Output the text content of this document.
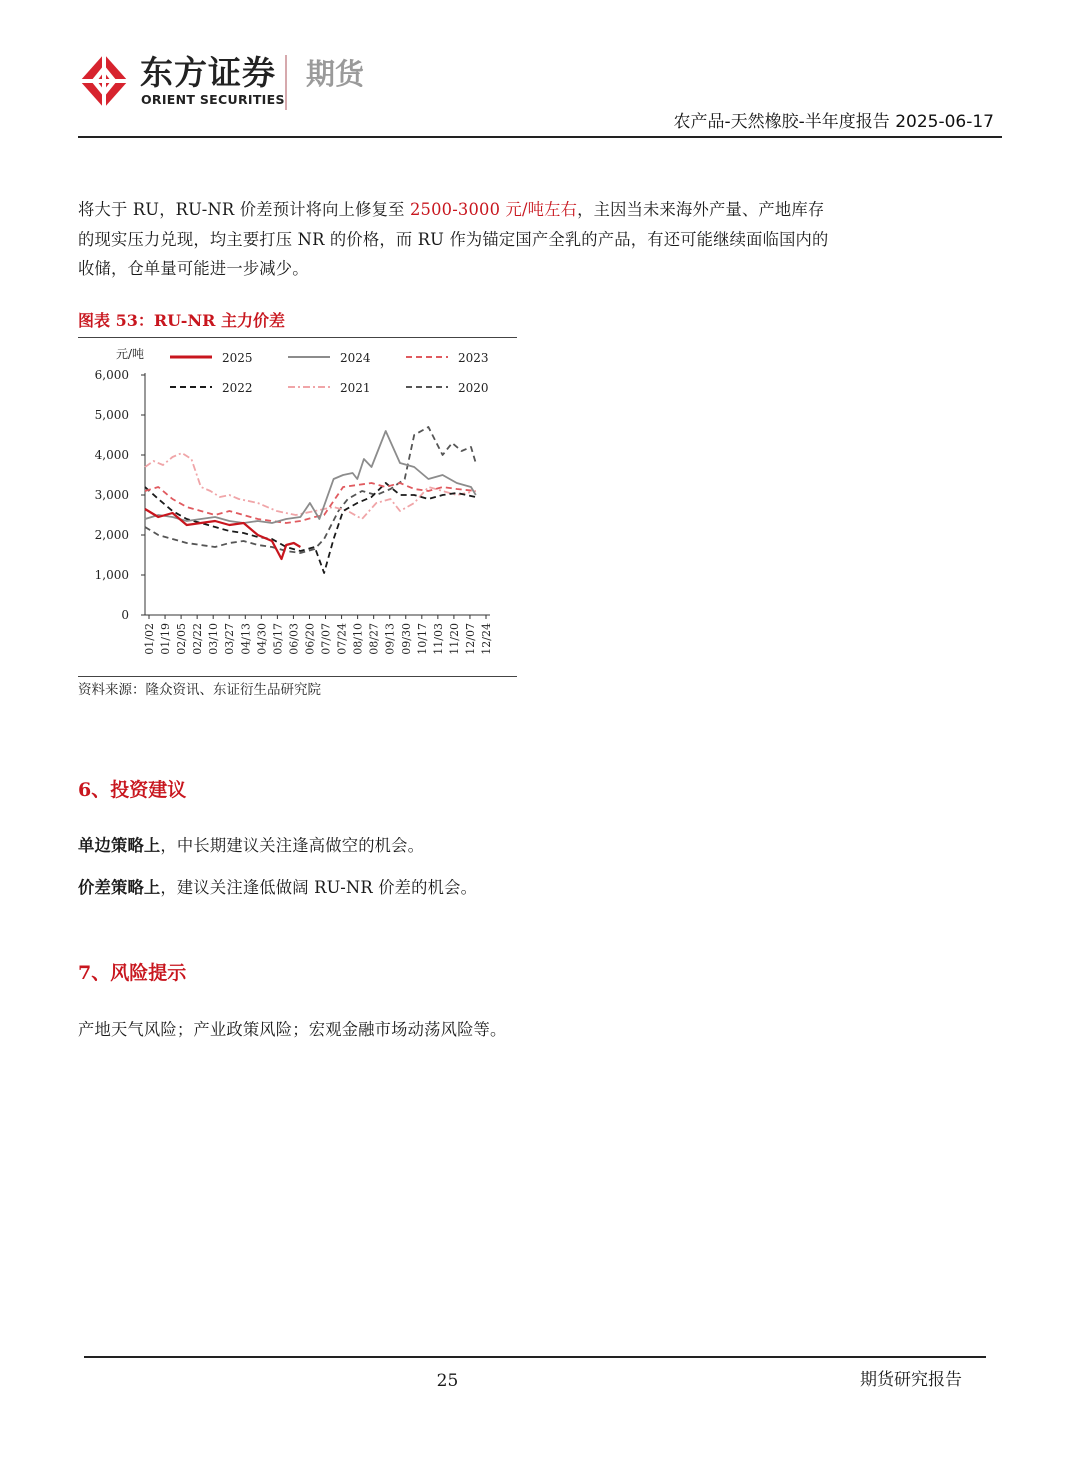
东方证券
ORIENT SECURITIES
期货
农产品-天然橡胶-半年度报告 2025-06-17
将大于 RU，RU-NR 价差预计将向上修复至 2500-3000 元/吨左右，主因当未来海外产量、产地库存的现实压力兑现，均主要打压 NR 的价格，而 RU 作为锚定国产全乳的产品，有还可能继续面临国内的收储，仓单量可能进一步减少。
图表 53：RU-NR 主力价差
元/吨
0
1,000
2,000
3,000
4,000
5,000
6,000
01/02 01/19 02/05 02/22 03/10 03/27 04/13 04/30 05/17 06/03 06/20 07/07 07/24 08/10 08/27 09/13 09/30 10/17 11/03 11/20 12/07 12/24
2025	2024	2023
2022	2021	2020
资料来源：隆众资讯、东证衍生品研究院
6、投资建议
单边策略上，中长期建议关注逢高做空的机会。
价差策略上，建议关注逢低做阔 RU-NR 价差的机会。
7、风险提示
产地天气风险；产业政策风险；宏观金融市场动荡风险等。
25	期货研究报告
